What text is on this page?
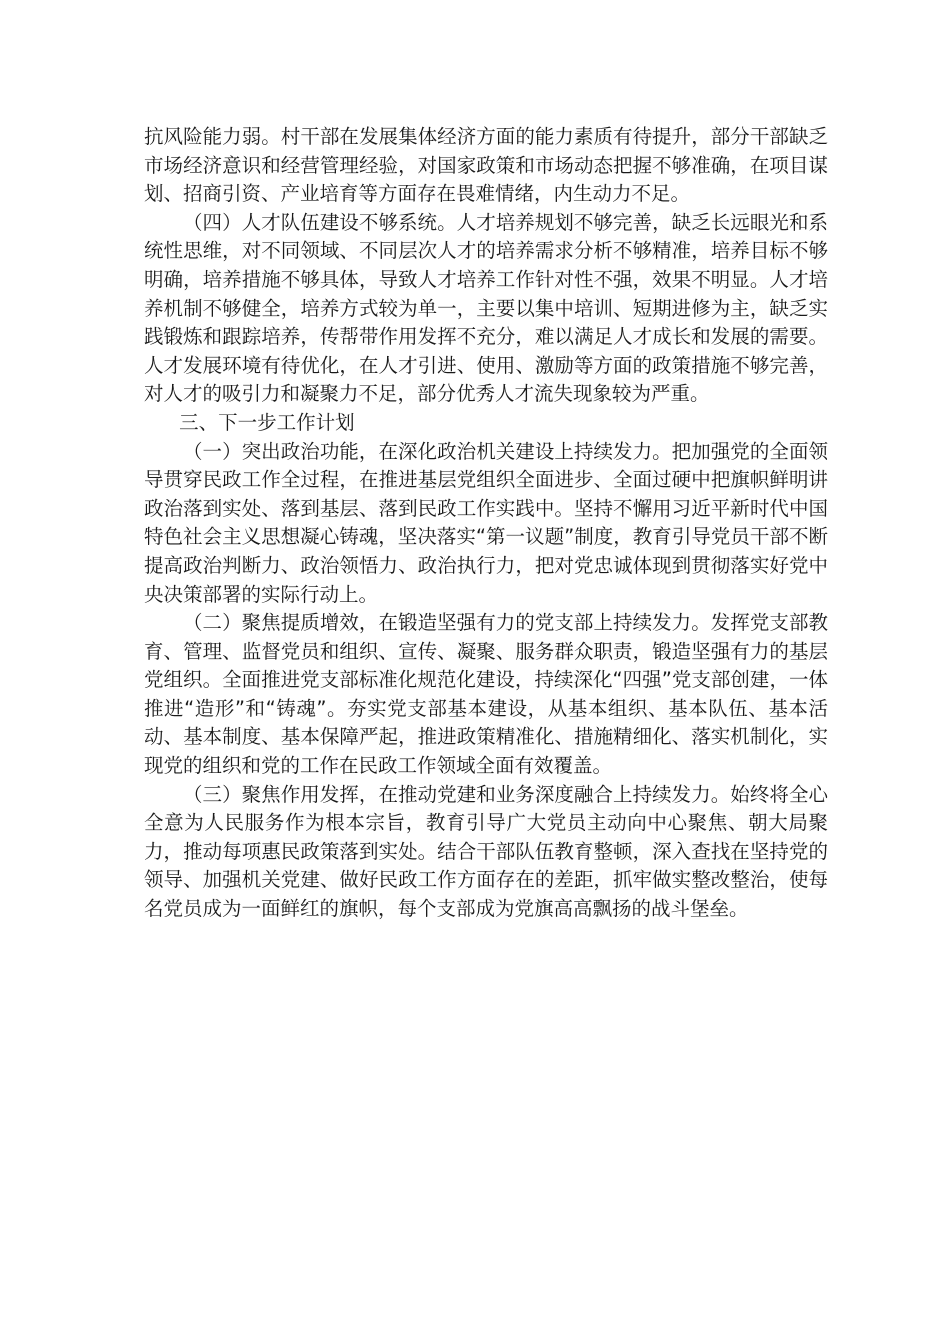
抗风险能力弱。村干部在发展集体经济方面的能力素质有待提升，部分干部缺乏市场经济意识和经营管理经验，对国家政策和市场动态把握不够准确，在项目谋划、招商引资、产业培育等方面存在畏难情绪，内生动力不足。

（四）人才队伍建设不够系统。人才培养规划不够完善，缺乏长远眼光和系统性思维，对不同领域、不同层次人才的培养需求分析不够精准，培养目标不够明确，培养措施不够具体，导致人才培养工作针对性不强，效果不明显。人才培养机制不够健全，培养方式较为单一，主要以集中培训、短期进修为主，缺乏实践锻炼和跟踪培养，传帮带作用发挥不充分，难以满足人才成长和发展的需要。人才发展环境有待优化，在人才引进、使用、激励等方面的政策措施不够完善，对人才的吸引力和凝聚力不足，部分优秀人才流失现象较为严重。

三、下一步工作计划

（一）突出政治功能，在深化政治机关建设上持续发力。把加强党的全面领导贯穿民政工作全过程，在推进基层党组织全面进步、全面过硬中把旗帜鲜明讲政治落到实处、落到基层、落到民政工作实践中。坚持不懈用习近平新时代中国特色社会主义思想凝心铸魂，坚决落实“第一议题”制度，教育引导党员干部不断提高政治判断力、政治领悟力、政治执行力，把对党忠诚体现到贯彻落实好党中央决策部署的实际行动上。

（二）聚焦提质增效，在锻造坚强有力的党支部上持续发力。发挥党支部教育、管理、监督党员和组织、宣传、凝聚、服务群众职责，锻造坚强有力的基层党组织。全面推进党支部标准化规范化建设，持续深化“四强”党支部创建，一体推进“造形”和“铸魂”。夯实党支部基本建设，从基本组织、基本队伍、基本活动、基本制度、基本保障严起，推进政策精准化、措施精细化、落实机制化，实现党的组织和党的工作在民政工作领域全面有效覆盖。

（三）聚焦作用发挥，在推动党建和业务深度融合上持续发力。始终将全心全意为人民服务作为根本宗旨，教育引导广大党员主动向中心聚焦、朝大局聚力，推动每项惠民政策落到实处。结合干部队伍教育整顿，深入查找在坚持党的领导、加强机关党建、做好民政工作方面存在的差距，抓牢做实整改整治，使每名党员成为一面鲜红的旗帜，每个支部成为党旗高高飘扬的战斗堡垒。
